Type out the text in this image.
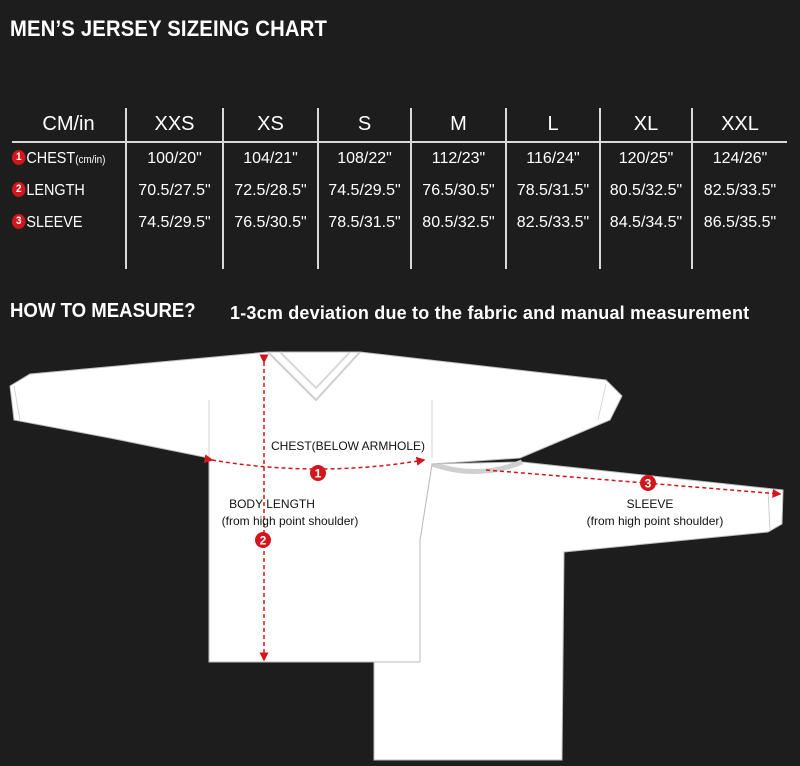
MEN’S JERSEY SIZEING CHART
CM/in	XXS	XS	S	M	L	XL	XXL
1 CHEST(cm/in)	100/20"	104/21"	108/22"	112/23"	116/24"	120/25"	124/26"
2 LENGTH	70.5/27.5"	72.5/28.5"	74.5/29.5"	76.5/30.5"	78.5/31.5"	80.5/32.5"	82.5/33.5"
3 SLEEVE	74.5/29.5"	76.5/30.5"	78.5/31.5"	80.5/32.5"	82.5/33.5"	84.5/34.5"	86.5/35.5"

HOW TO MEASURE? 1-3cm deviation due to the fabric and manual measurement
1
2
3
CHEST(BELOW ARMHOLE)
BODY LENGTH
(from high point shoulder)
SLEEVE
(from high point shoulder)
